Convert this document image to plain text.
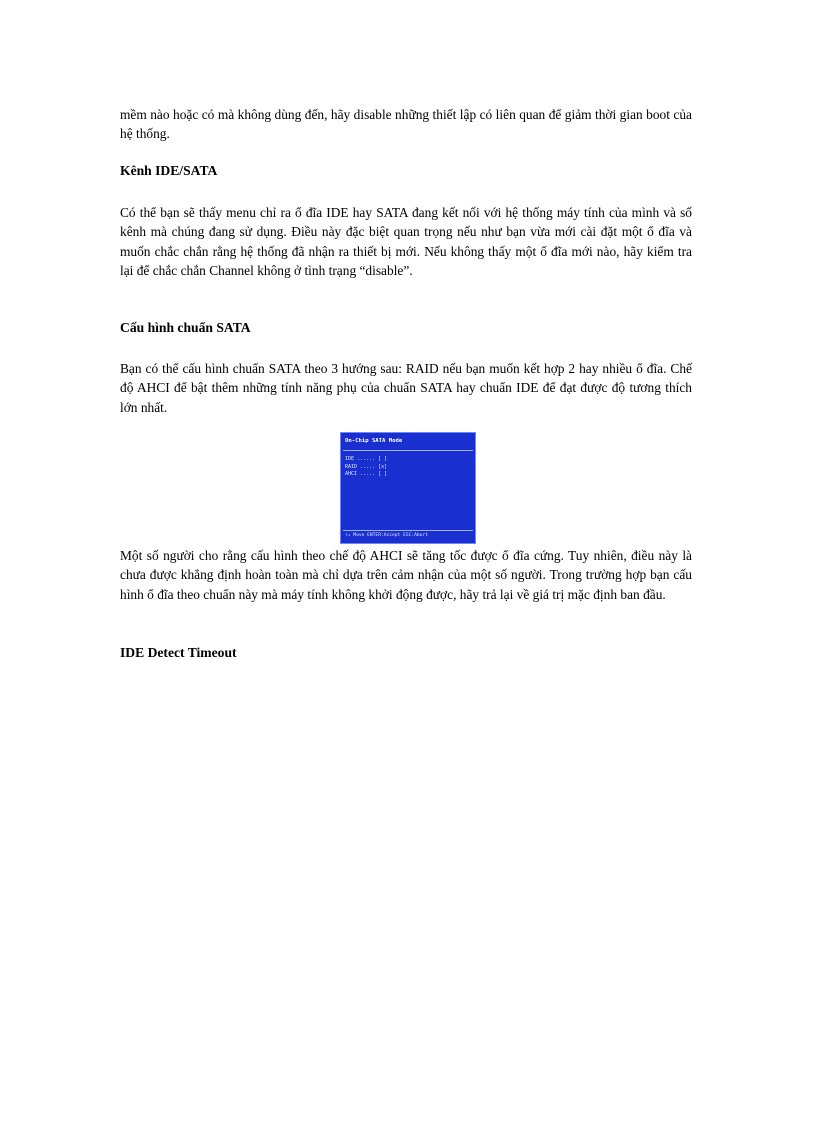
mềm nào hoặc có mà không dùng đến, hãy disable những thiết lập có liên quan để giảm thời gian boot của hệ thống.

Kênh IDE/SATA

Có thể bạn sẽ thấy menu chỉ ra ổ đĩa IDE hay SATA đang kết nối với hệ thống máy tính của mình và số kênh mà chúng đang sử dụng. Điều này đặc biệt quan trọng nếu như bạn vừa mới cài đặt một ổ đĩa và muốn chắc chắn rằng hệ thống đã nhận ra thiết bị mới. Nếu không thấy một ổ đĩa mới nào, hãy kiểm tra lại để chắc chắn Channel không ở tình trạng “disable”.

Cấu hình chuẩn SATA

Bạn có thể cấu hình chuẩn SATA theo 3 hướng sau: RAID nếu bạn muốn kết hợp 2 hay nhiều ổ đĩa. Chế độ AHCI để bật thêm những tính năng phụ của chuẩn SATA hay chuẩn IDE để đạt được độ tương thích lớn nhất.

On-Chip SATA Mode
IDE ...... [ ]
RAID ..... [x]
AHCI ..... [ ]
↑↓ Move ENTER:Accept ESC:Abort

Một số người cho rằng cấu hình theo chế độ AHCI sẽ tăng tốc được ổ đĩa cứng. Tuy nhiên, điều này là chưa được khẳng định hoàn toàn mà chỉ dựa trên cảm nhận của một số người. Trong trường hợp bạn cấu hình ổ đĩa theo chuẩn này mà máy tính không khởi động được, hãy trả lại về giá trị mặc định ban đầu.

IDE Detect Timeout
